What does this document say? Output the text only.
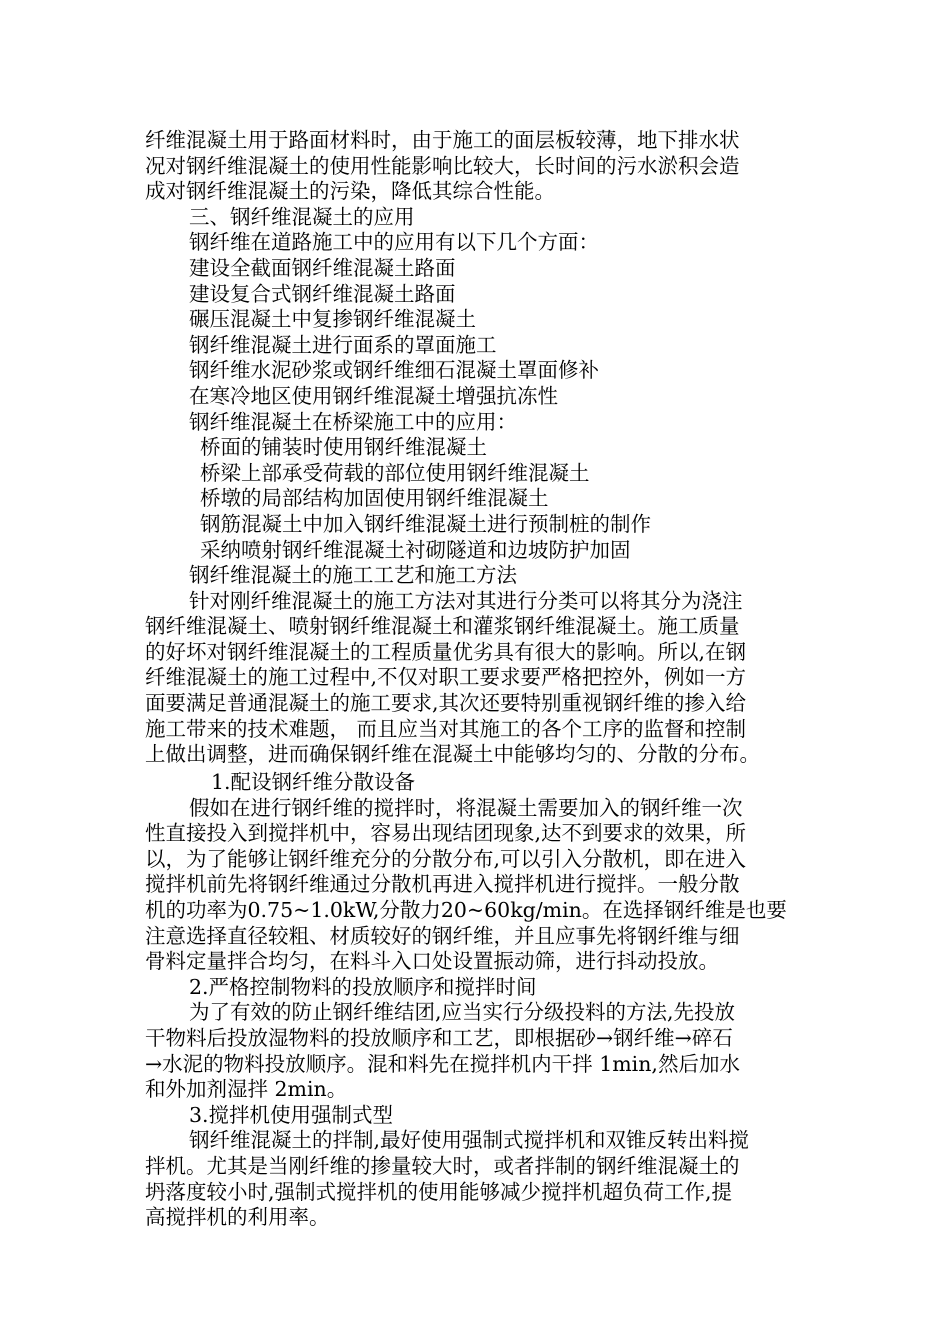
纤维混凝土用于路面材料时，由于施工的面层板较薄，地下排水状
况对钢纤维混凝土的使用性能影响比较大，长时间的污水淤积会造
成对钢纤维混凝土的污染，降低其综合性能。
三、钢纤维混凝土的应用
钢纤维在道路施工中的应用有以下几个方面：
建设全截面钢纤维混凝土路面
建设复合式钢纤维混凝土路面
碾压混凝土中复掺钢纤维混凝土
钢纤维混凝土进行面系的罩面施工
钢纤维水泥砂浆或钢纤维细石混凝土罩面修补
在寒冷地区使用钢纤维混凝土增强抗冻性
钢纤维混凝土在桥梁施工中的应用：
桥面的铺装时使用钢纤维混凝土
桥梁上部承受荷载的部位使用钢纤维混凝土
桥墩的局部结构加固使用钢纤维混凝土
钢筋混凝土中加入钢纤维混凝土进行预制桩的制作
采纳喷射钢纤维混凝土衬砌隧道和边坡防护加固
钢纤维混凝土的施工工艺和施工方法
针对刚纤维混凝土的施工方法对其进行分类可以将其分为浇注
钢纤维混凝土、喷射钢纤维混凝土和灌浆钢纤维混凝土。施工质量
的好坏对钢纤维混凝土的工程质量优劣具有很大的影响。所以,在钢
纤维混凝土的施工过程中,不仅对职工要求要严格把控外，例如一方
面要满足普通混凝土的施工要求,其次还要特别重视钢纤维的掺入给
施工带来的技术难题， 而且应当对其施工的各个工序的监督和控制
上做出调整，进而确保钢纤维在混凝土中能够均匀的、分散的分布。
1.配设钢纤维分散设备
假如在进行钢纤维的搅拌时，将混凝土需要加入的钢纤维一次
性直接投入到搅拌机中，容易出现结团现象,达不到要求的效果，所
以，为了能够让钢纤维充分的分散分布,可以引入分散机，即在进入
搅拌机前先将钢纤维通过分散机再进入搅拌机进行搅拌。一般分散
机的功率为0.75~1.0kW,分散力20~60kg/min。在选择钢纤维是也要
注意选择直径较粗、材质较好的钢纤维，并且应事先将钢纤维与细
骨料定量拌合均匀，在料斗入口处设置振动筛，进行抖动投放。
2.严格控制物料的投放顺序和搅拌时间
为了有效的防止钢纤维结团,应当实行分级投料的方法,先投放
干物料后投放湿物料的投放顺序和工艺，即根据砂→钢纤维→碎石
→水泥的物料投放顺序。混和料先在搅拌机内干拌 1min,然后加水
和外加剂湿拌 2min。
3.搅拌机使用强制式型
钢纤维混凝土的拌制,最好使用强制式搅拌机和双锥反转出料搅
拌机。尤其是当刚纤维的掺量较大时，或者拌制的钢纤维混凝土的
坍落度较小时,强制式搅拌机的使用能够减少搅拌机超负荷工作,提
高搅拌机的利用率。
